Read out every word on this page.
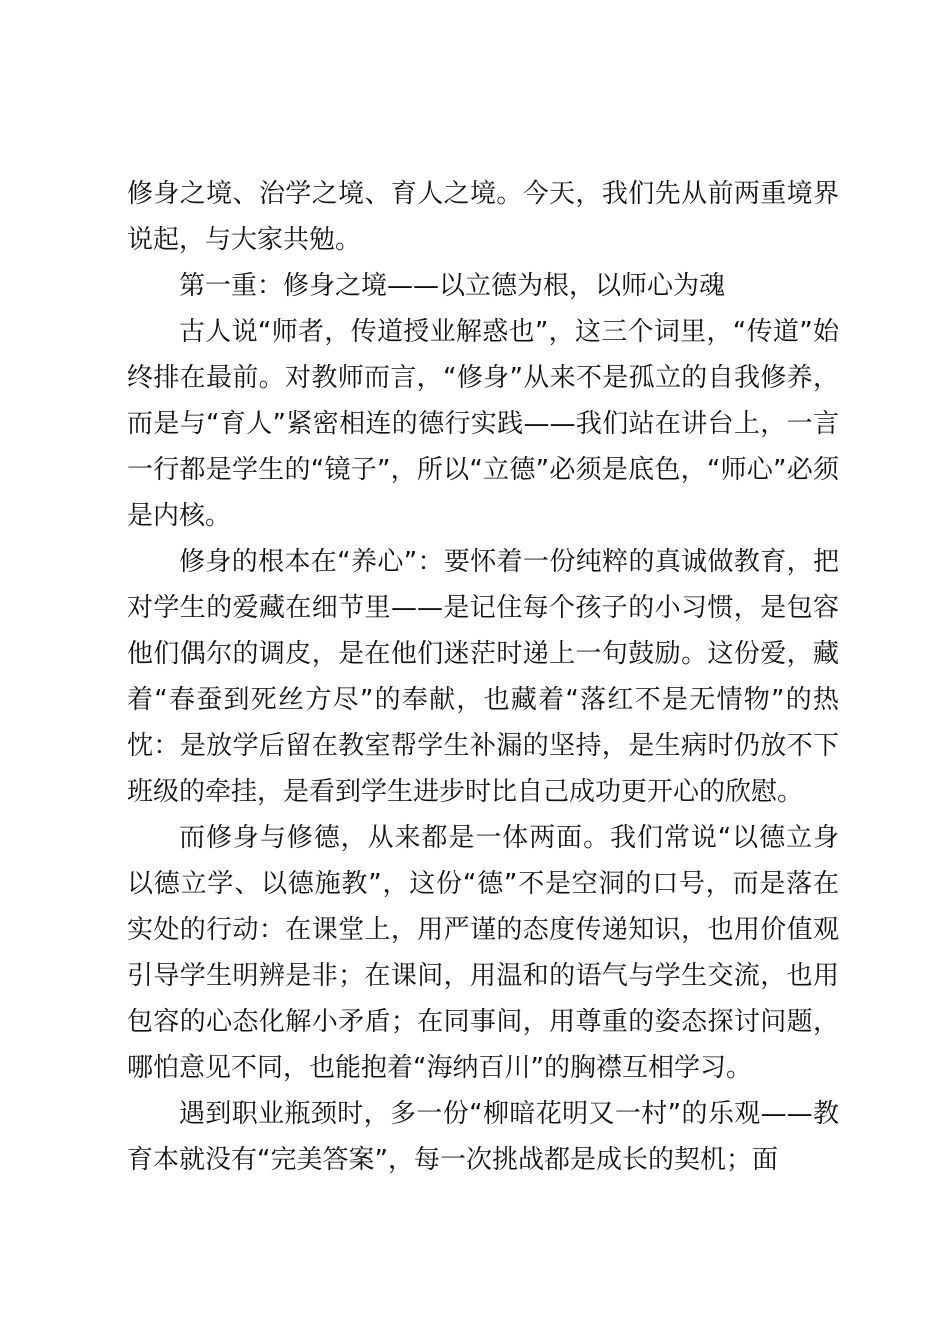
修身之境、治学之境、育人之境。今天，我们先从前两重境界说起，与大家共勉。

第一重：修身之境——以立德为根，以师心为魂

古人说“师者，传道授业解惑也”，这三个词里，“传道”始终排在最前。对教师而言，“修身”从来不是孤立的自我修养，而是与“育人”紧密相连的德行实践——我们站在讲台上，一言一行都是学生的“镜子”，所以“立德”必须是底色，“师心”必须是内核。

修身的根本在“养心”：要怀着一份纯粹的真诚做教育，把对学生的爱藏在细节里——是记住每个孩子的小习惯，是包容他们偶尔的调皮，是在他们迷茫时递上一句鼓励。这份爱，藏着“春蚕到死丝方尽”的奉献，也藏着“落红不是无情物”的热忱：是放学后留在教室帮学生补漏的坚持，是生病时仍放不下班级的牵挂，是看到学生进步时比自己成功更开心的欣慰。

而修身与修德，从来都是一体两面。我们常说“以德立身以德立学、以德施教”，这份“德”不是空洞的口号，而是落在实处的行动：在课堂上，用严谨的态度传递知识，也用价值观引导学生明辨是非；在课间，用温和的语气与学生交流，也用包容的心态化解小矛盾；在同事间，用尊重的姿态探讨问题，哪怕意见不同，也能抱着“海纳百川”的胸襟互相学习。

遇到职业瓶颈时，多一份“柳暗花明又一村”的乐观——教育本就没有“完美答案”，每一次挑战都是成长的契机；面
